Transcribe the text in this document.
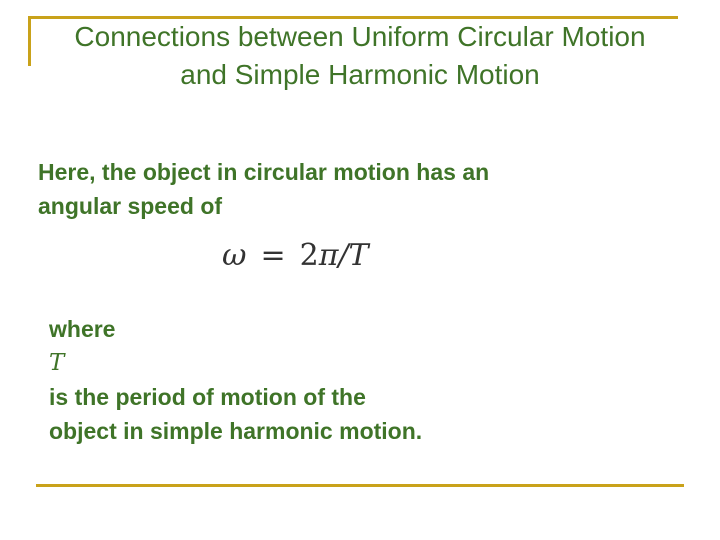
Connections between Uniform Circular Motion
and Simple Harmonic Motion

Here, the object in circular motion has an
angular speed of

ω = 2π/T

where
T
is the period of motion of the
object in simple harmonic motion.
